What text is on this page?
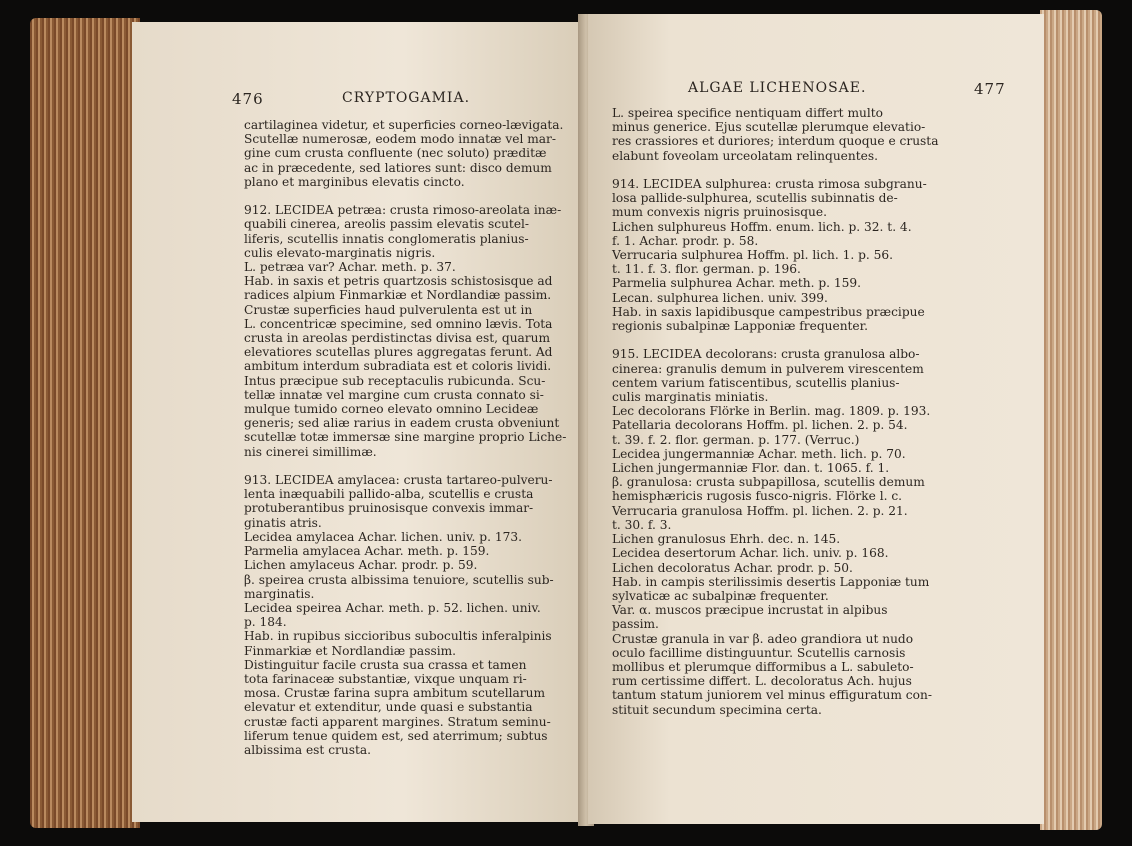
476	CRYPTOGAMIA.
cartilaginea videtur, et superficies corneo-lævigata.
Scutellæ numerosæ, eodem modo innatæ vel mar-
gine cum crusta confluente (nec soluto) præditæ
ac in præcedente, sed latiores sunt: disco demum
plano et marginibus elevatis cincto.

912. LECIDEA petræa: crusta rimoso-areolata inæ-
quabili cinerea, areolis passim elevatis scutel-
liferis, scutellis innatis conglomeratis planius-
culis elevato-marginatis nigris.
L. petræa var? Achar. meth. p. 37.
Hab. in saxis et petris quartzosis schistosisque ad
radices alpium Finmarkiæ et Nordlandiæ passim.
Crustæ superficies haud pulverulenta est ut in
L. concentricæ specimine, sed omnino lævis. Tota
crusta in areolas perdistinctas divisa est, quarum
elevatiores scutellas plures aggregatas ferunt. Ad
ambitum interdum subradiata est et coloris lividi.
Intus præcipue sub receptaculis rubicunda. Scu-
tellæ innatæ vel margine cum crusta connato si-
mulque tumido corneo elevato omnino Lecideæ
generis; sed aliæ rarius in eadem crusta obveniunt
scutellæ totæ immersæ sine margine proprio Liche-
nis cinerei simillimæ.

913. LECIDEA amylacea: crusta tartareo-pulveru-
lenta inæquabili pallido-alba, scutellis e crusta
protuberantibus pruinosisque convexis immar-
ginatis atris.
Lecidea amylacea Achar. lichen. univ. p. 173.
Parmelia amylacea Achar. meth. p. 159.
Lichen amylaceus Achar. prodr. p. 59.
β. speirea crusta albissima tenuiore, scutellis sub-
marginatis.
Lecidea speirea Achar. meth. p. 52. lichen. univ.
p. 184.
Hab. in rupibus siccioribus subocultis inferalpinis
Finmarkiæ et Nordlandiæ passim.
Distinguitur facile crusta sua crassa et tamen
tota farinaceæ substantiæ, vixque unquam ri-
mosa. Crustæ farina supra ambitum scutellarum
elevatur et extenditur, unde quasi e substantia
crustæ facti apparent margines. Stratum seminu-
liferum tenue quidem est, sed aterrimum; subtus
albissima est crusta.
ALGAE LICHENOSAE.	477
L. speirea specifice nentiquam differt multo
minus generice. Ejus scutellæ plerumque elevatio-
res crassiores et duriores; interdum quoque e crusta
elabunt foveolam urceolatam relinquentes.

914. LECIDEA sulphurea: crusta rimosa subgranu-
losa pallide-sulphurea, scutellis subinnatis de-
mum convexis nigris pruinosisque.
Lichen sulphureus Hoffm. enum. lich. p. 32. t. 4.
f. 1. Achar. prodr. p. 58.
Verrucaria sulphurea Hoffm. pl. lich. 1. p. 56.
t. 11. f. 3. flor. german. p. 196.
Parmelia sulphurea Achar. meth. p. 159.
Lecan. sulphurea lichen. univ. 399.
Hab. in saxis lapidibusque campestribus præcipue
regionis subalpinæ Lapponiæ frequenter.

915. LECIDEA decolorans: crusta granulosa albo-
cinerea: granulis demum in pulverem virescentem
centem varium fatiscentibus, scutellis planius-
culis marginatis miniatis.
Lec decolorans Flörke in Berlin. mag. 1809. p. 193.
Patellaria decolorans Hoffm. pl. lichen. 2. p. 54.
t. 39. f. 2. flor. german. p. 177. (Verruc.)
Lecidea jungermanniæ Achar. meth. lich. p. 70.
Lichen jungermanniæ Flor. dan. t. 1065. f. 1.
β. granulosa: crusta subpapillosa, scutellis demum
hemisphæricis rugosis fusco-nigris. Flörke l. c.
Verrucaria granulosa Hoffm. pl. lichen. 2. p. 21.
t. 30. f. 3.
Lichen granulosus Ehrh. dec. n. 145.
Lecidea desertorum Achar. lich. univ. p. 168.
Lichen decoloratus Achar. prodr. p. 50.
Hab. in campis sterilissimis desertis Lapponiæ tum
sylvaticæ ac subalpinæ frequenter.
Var. α. muscos præcipue incrustat in alpibus
passim.
Crustæ granula in var β. adeo grandiora ut nudo
oculo facillime distinguuntur. Scutellis carnosis
mollibus et plerumque difformibus a L. sabuleto-
rum certissime differt. L. decoloratus Ach. hujus
tantum statum juniorem vel minus effiguratum con-
stituit secundum specimina certa.
